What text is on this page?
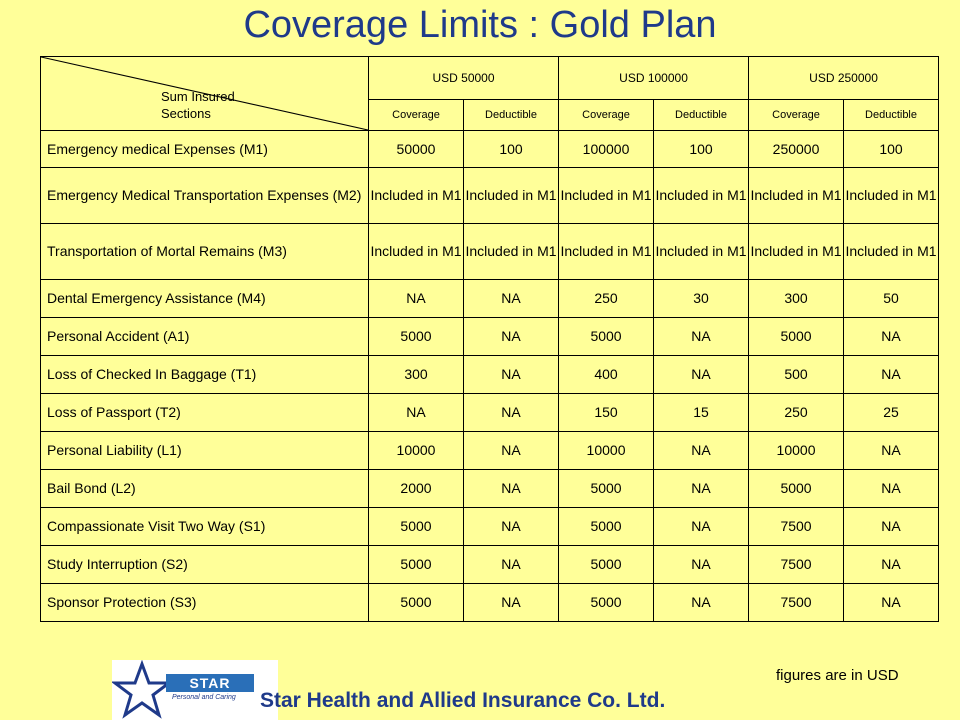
Coverage Limits : Gold Plan
Sum Insured
Sections	USD 50000		USD 100000		USD 250000	
	Coverage	Deductible	Coverage	Deductible	Coverage	Deductible
Emergency medical Expenses (M1)	50000	100	100000	100	250000	100
Emergency Medical Transportation Expenses (M2)	Included in M1	Included in M1	Included in M1	Included in M1	Included in M1	Included in M1
Transportation of Mortal Remains (M3)	Included in M1	Included in M1	Included in M1	Included in M1	Included in M1	Included in M1
Dental Emergency Assistance (M4)	NA	NA	250	30	300	50
Personal Accident (A1)	5000	NA	5000	NA	5000	NA
Loss of Checked In Baggage (T1)	300	NA	400	NA	500	NA
Loss of Passport (T2)	NA	NA	150	15	250	25
Personal Liability (L1)	10000	NA	10000	NA	10000	NA
Bail Bond (L2)	2000	NA	5000	NA	5000	NA
Compassionate Visit Two Way (S1)	5000	NA	5000	NA	7500	NA
Study Interruption (S2)	5000	NA	5000	NA	7500	NA
Sponsor Protection (S3)	5000	NA	5000	NA	7500	NA
figures are in USD
STAR
Personal and Caring Star Health and Allied Insurance Co. Ltd.
